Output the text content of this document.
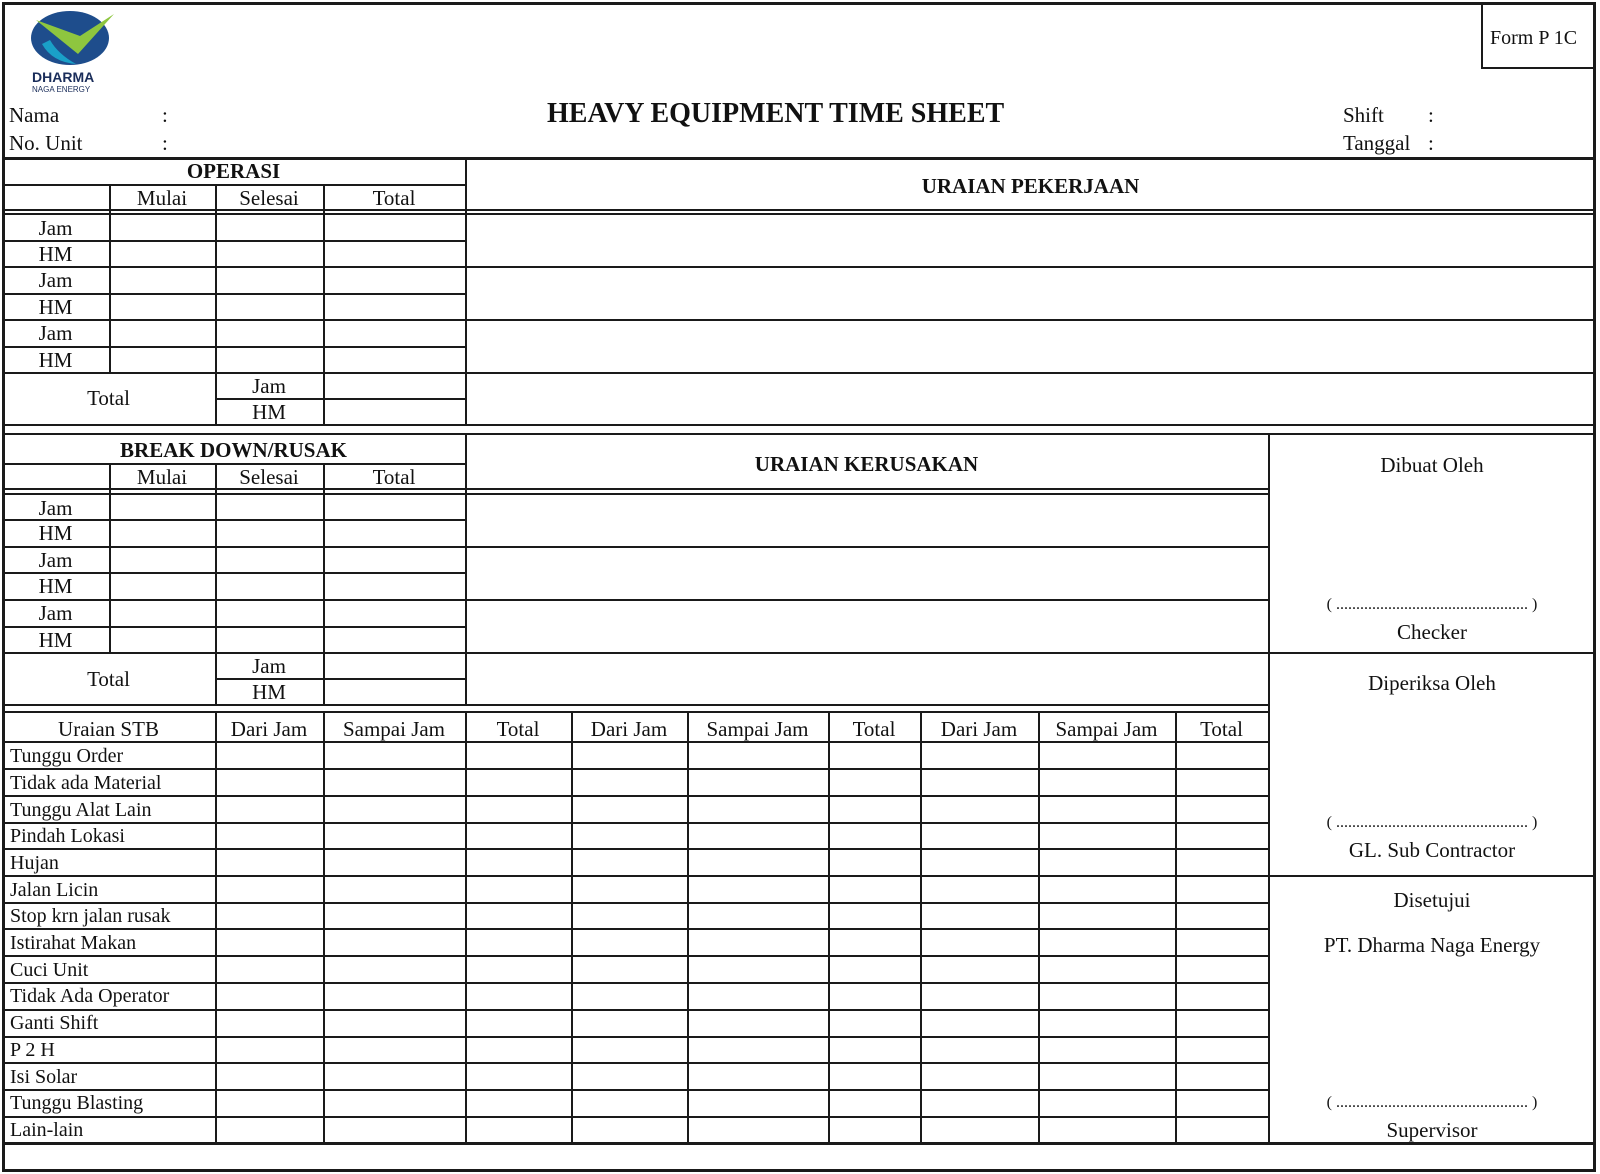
Form P 1C
DHARMA
NAGA ENERGY
HEAVY EQUIPMENT TIME SHEET
Nama	:
No. Unit	:
Shift :
Tanggal :
OPERASI
Mulai	Selesai	Total
Jam
HM
Jam
HM
Jam
HM
Total	Jam
HM
URAIAN PEKERJAAN
BREAK DOWN/RUSAK
Mulai	Selesai	Total
Jam
HM
Jam
HM
Jam
HM
Total
Jam
HM
URAIAN KERUSAKAN
Uraian STB	Dari Jam	Sampai Jam	Total	Dari Jam	Sampai Jam	Total	Dari Jam	Sampai Jam	Total
Tunggu Order
Tidak ada Material
Tunggu Alat Lain
Pindah Lokasi
Hujan
Jalan Licin
Stop krn jalan rusak
Istirahat Makan
Cuci Unit
Tidak Ada Operator
Ganti Shift
P 2 H
Isi Solar
Tunggu Blasting
Lain-lain
Dibuat Oleh
( ................................................ )
Checker
Diperiksa Oleh
( ................................................ )
GL. Sub Contractor
Disetujui
PT. Dharma Naga Energy
( ................................................ )
Supervisor
